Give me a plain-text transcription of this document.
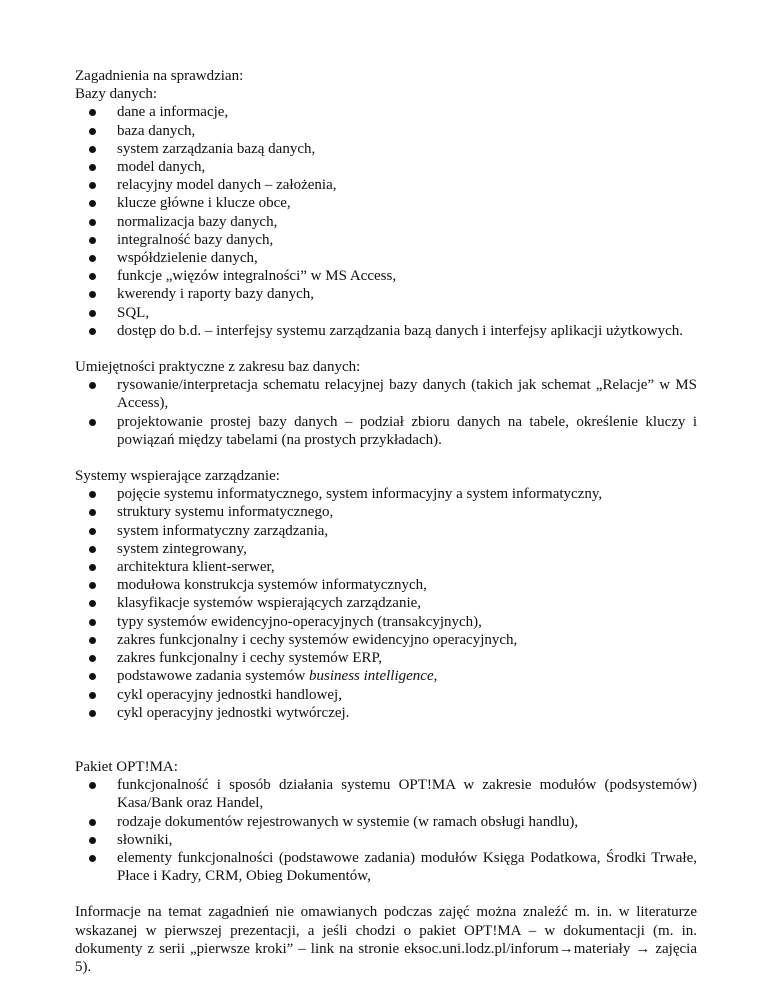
Zagadnienia na sprawdzian:
Bazy danych:
dane a informacje,
baza danych,
system zarządzania bazą danych,
model danych,
relacyjny model danych – założenia,
klucze główne i klucze obce,
normalizacja bazy danych,
integralność bazy danych,
współdzielenie danych,
funkcje „więzów integralności” w MS Access,
kwerendy i raporty bazy danych,
SQL,
dostęp do b.d. – interfejsy systemu zarządzania bazą danych i interfejsy aplikacji użytkowych.
Umiejętności praktyczne z zakresu baz danych:
rysowanie/interpretacja schematu relacyjnej bazy danych (takich jak schemat „Relacje” w MS Access),
projektowanie prostej bazy danych – podział zbioru danych na tabele, określenie kluczy i powiązań między tabelami (na prostych przykładach).
Systemy wspierające zarządzanie:
pojęcie systemu informatycznego, system informacyjny a system informatyczny,
struktury systemu informatycznego,
system informatyczny zarządzania,
system zintegrowany,
architektura klient-serwer,
modułowa konstrukcja systemów informatycznych,
klasyfikacje systemów wspierających zarządzanie,
typy systemów ewidencyjno-operacyjnych (transakcyjnych),
zakres funkcjonalny i cechy systemów ewidencyjno operacyjnych,
zakres funkcjonalny i cechy systemów ERP,
podstawowe zadania systemów business intelligence,
cykl operacyjny jednostki handlowej,
cykl operacyjny jednostki wytwórczej.
Pakiet OPT!MA:
funkcjonalność i sposób działania systemu OPT!MA w zakresie modułów (podsystemów) Kasa/Bank oraz Handel,
rodzaje dokumentów rejestrowanych w systemie (w ramach obsługi handlu),
słowniki,
elementy funkcjonalności (podstawowe zadania) modułów Księga Podatkowa, Środki Trwałe, Płace i Kadry, CRM, Obieg Dokumentów,

Informacje na temat zagadnień nie omawianych podczas zajęć można znaleźć m. in. w literaturze wskazanej w pierwszej prezentacji, a jeśli chodzi o pakiet OPT!MA – w dokumentacji (m. in. dokumenty z serii „pierwsze kroki” – link na stronie eksoc.uni.lodz.pl/inforum→materiały → zajęcia 5).
